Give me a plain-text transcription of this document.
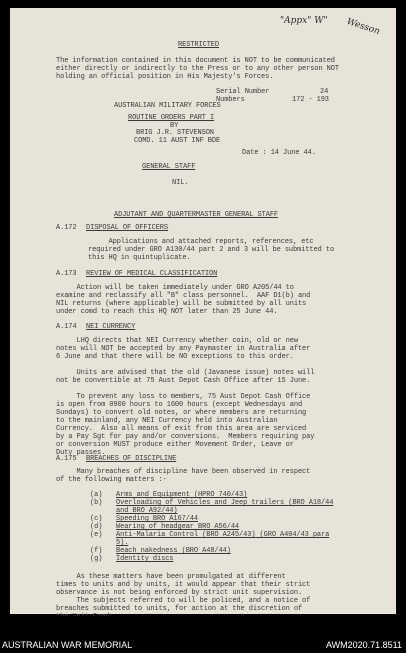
"Appx" W" Wesson
RESTRICTED
The information contained in this document is NOT to be communicated
either directly or indirectly to the Press or to any other person NOT
holding an official position in His Majesty's Forces.
Serial Number	24
Numbers	172 - 193
AUSTRALIAN MILITARY FORCES
ROUTINE ORDERS PART I
BY
BRIG J.R. STEVENSON
COMD. 11 AUST INF BDE
Date : 14 June 44.
GENERAL STAFF
NIL.
ADJUTANT AND QUARTERMASTER GENERAL STAFF
A.172 DISPOSAL OF OFFICERS
Applications and attached reports, references, etc
required under GRO A130/44 part 2 and 3 will be submitted to
this HQ in quintuplicate.
A.173 REVIEW OF MEDICAL CLASSIFICATION
Action will be taken immediately under GRO A205/44 to
examine and reclassify all "B" class personnel.  AAF D1(b) and
NIL returns (where applicable) will be submitted by all units
under comd to reach this HQ NOT later than 25 June 44.
A.174 NEI CURRENCY
LHQ directs that NEI Currency whether coin, old or new
notes will NOT be accepted by any Paymaster in Australia after
6 June and that there will be NO exceptions to this order.

Units are advised that the old (Javanese issue) notes will
not be convertible at 75 Aust Depot Cash Office after 15 June.

To prevent any loss to members, 75 Aust Depot Cash Office
is open from 0900 hours to 1600 hours (except Wednesdays and
Sundays) to convert old notes, or where members are returning
to the mainland, any NEI Currency held into Australian
Currency.  Also all means of exit from this area are serviced
by a Pay Sgt for pay and/or conversions.  Members requiring pay
or conversion MUST produce either Movement Order, Leave or
Duty passes.
A.175 BREACHES OF DISCIPLINE
Many breaches of discipline have been observed in respect
of the following matters :-
(a) Arms and Equipment (HPRO 740/43)
(b) Overloading of Vehicles and Jeep trailers (BRO A18/44
and BRO A92/44)
(c) Speeding BRO A167/44
(d) Wearing of headgear BRO A56/44
(e) Anti-Malaria Control (BRO A245/43) (GRO A404/43 para
5).
(f) Beach nakedness (BRO A48/44)
(g) Identity discs
As these matters have been promulgated at different
times to units and by units, it would appear that their strict
observance is not being enforced by strict unit supervision.
The subjects referred to will be policed, and a notice of
breaches submitted to units, for action at the discretion of

AUSTRALIAN WAR MEMORIAL	AWM2020.71.8511
